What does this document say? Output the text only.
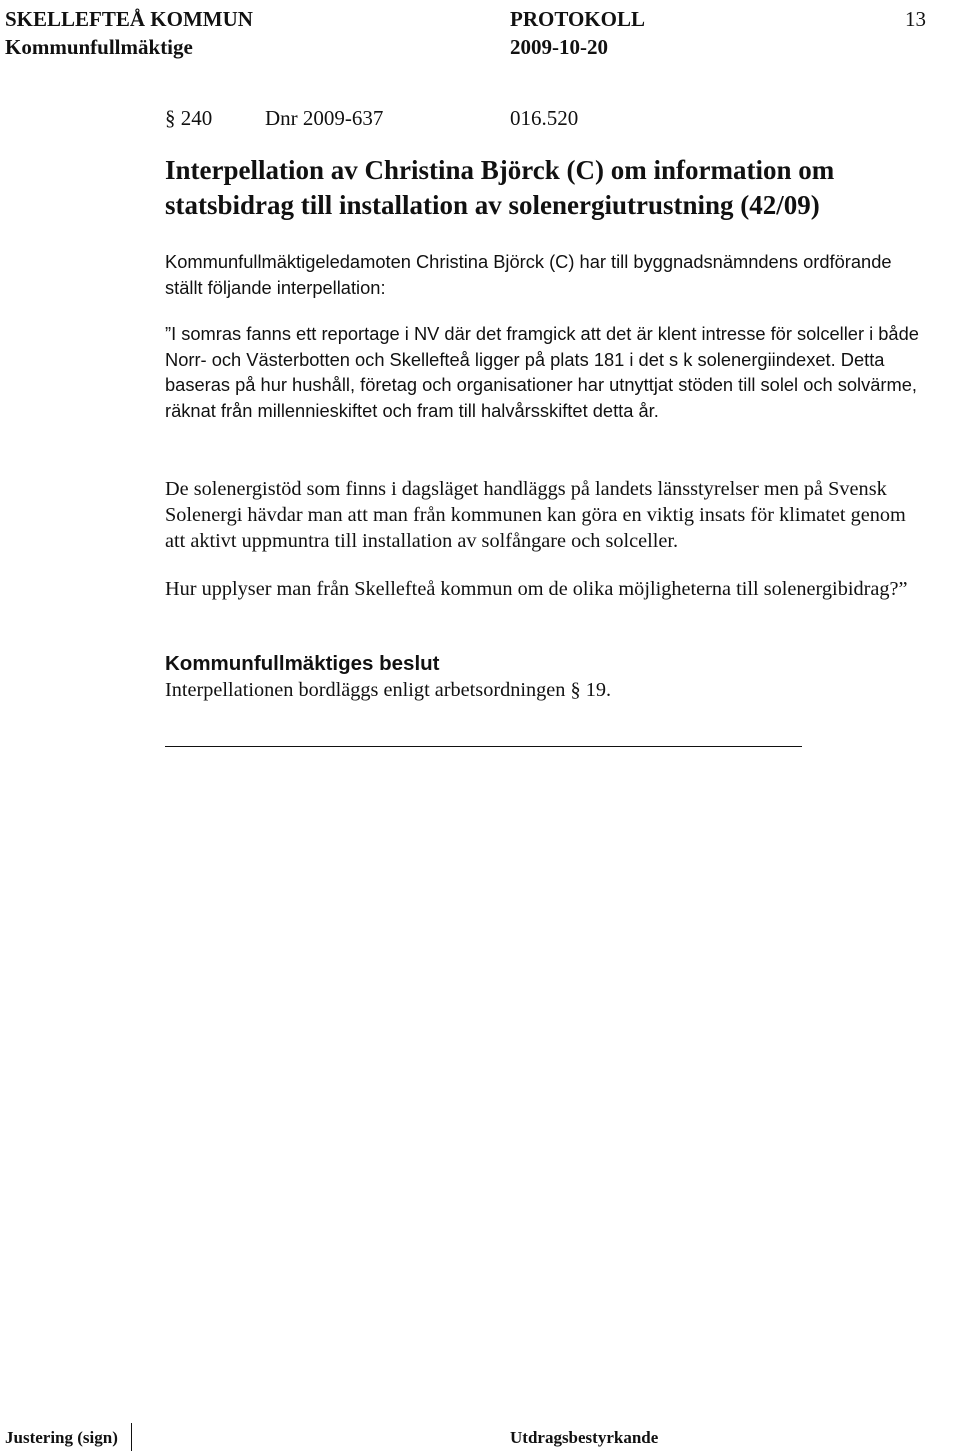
SKELLEFTEÅ KOMMUN
Kommunfullmäktige
PROTOKOLL
2009-10-20
13
§ 240	Dnr 2009-637	016.520
Interpellation av Christina Björck (C) om information om statsbidrag till installation av solenergiutrustning (42/09)
Kommunfullmäktigeledamoten Christina Björck (C) har till byggnadsnämndens ordförande ställt följande interpellation:
”I somras fanns ett reportage i NV där det framgick att det är klent intresse för solceller i både Norr- och Västerbotten och Skellefteå ligger på plats 181 i det s k solenergiindexet. Detta baseras på hur hushåll, företag och organisationer har utnyttjat stöden till solel och solvärme, räknat från millennieskiftet och fram till halvårsskiftet detta år.
De solenergistöd som finns i dagsläget handläggs på landets länsstyrelser men på Svensk Solenergi hävdar man att man från kommunen kan göra en viktig insats för klimatet genom att aktivt uppmuntra till installation av solfångare och solceller.
Hur upplyser man från Skellefteå kommun om de olika möjligheterna till solenergibidrag?”
Kommunfullmäktiges beslut
Interpellationen bordläggs enligt arbetsordningen § 19.
Justering (sign)	Utdragsbestyrkande
